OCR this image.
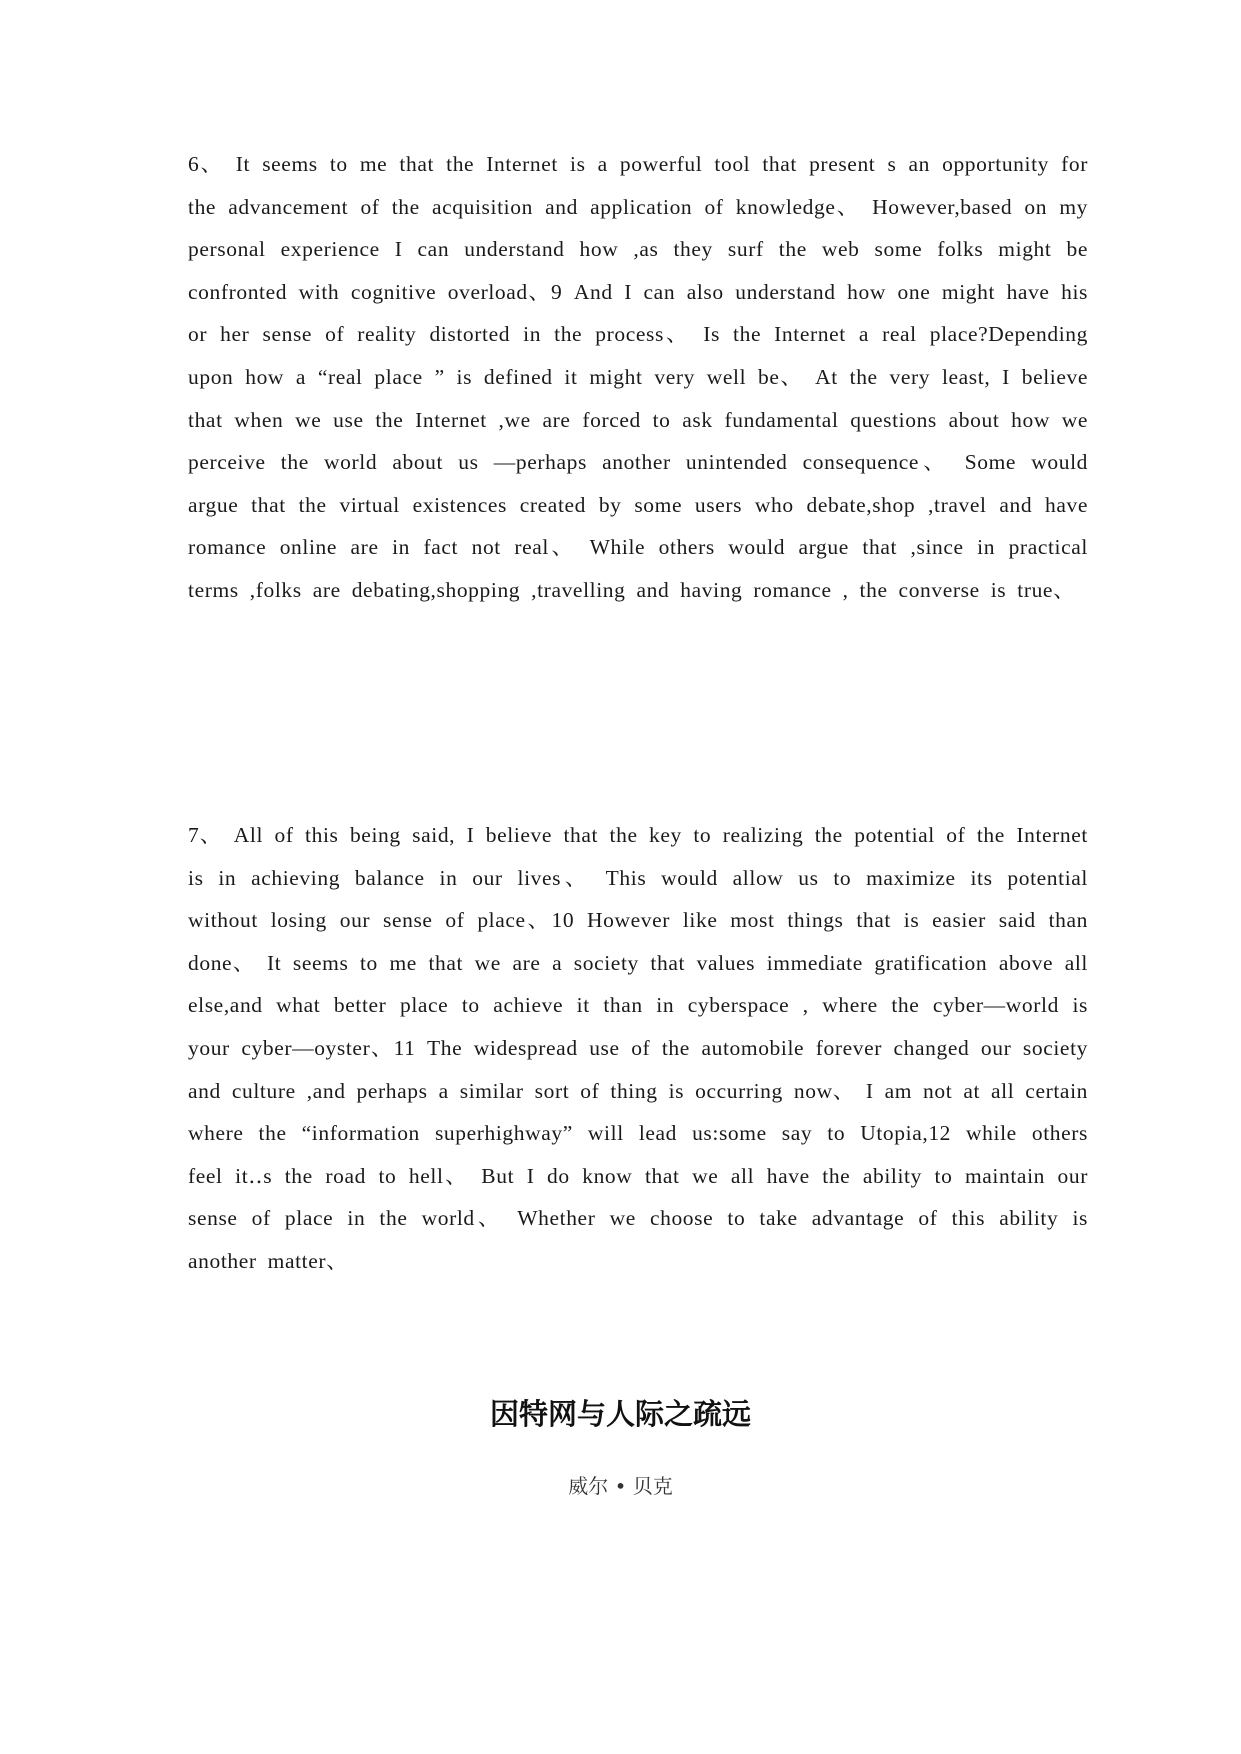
6、 It seems to me that the Internet is a powerful tool that present s an opportunity for the advancement of the acquisition and application of knowledge、 However,based on my personal experience I can understand how ,as they surf the web some folks might be confronted with cognitive overload、9 And I can also understand how one might have his or her sense of reality distorted in the process、 Is the Internet a real place?Depending upon how a “real place ” is defined it might very well be、 At the very least, I believe that when we use the Internet ,we are forced to ask fundamental questions about how we perceive the world about us —perhaps another unintended consequence、 Some would argue that the virtual existences created by some users who debate,shop ,travel and have romance online are in fact not real、 While others would argue that ,since in practical terms ,folks are debating,shopping ,travelling and having romance , the converse is true、

7、 All of this being said, I believe that the key to realizing the potential of the Internet is in achieving balance in our lives、 This would allow us to maximize its potential without losing our sense of place、10 However like most things that is easier said than done、 It seems to me that we are a society that values immediate gratification above all else,and what better place to achieve it than in cyberspace , where the cyber—world is your cyber—oyster、11 The widespread use of the automobile forever changed our society and culture ,and perhaps a similar sort of thing is occurring now、 I am not at all certain where the “information superhighway” will lead us:some say to Utopia,12 while others feel it‥s the road to hell、 But I do know that we all have the ability to maintain our sense of place in the world、 Whether we choose to take advantage of this ability is another matter、

因特网与人际之疏远

威尔 • 贝克
